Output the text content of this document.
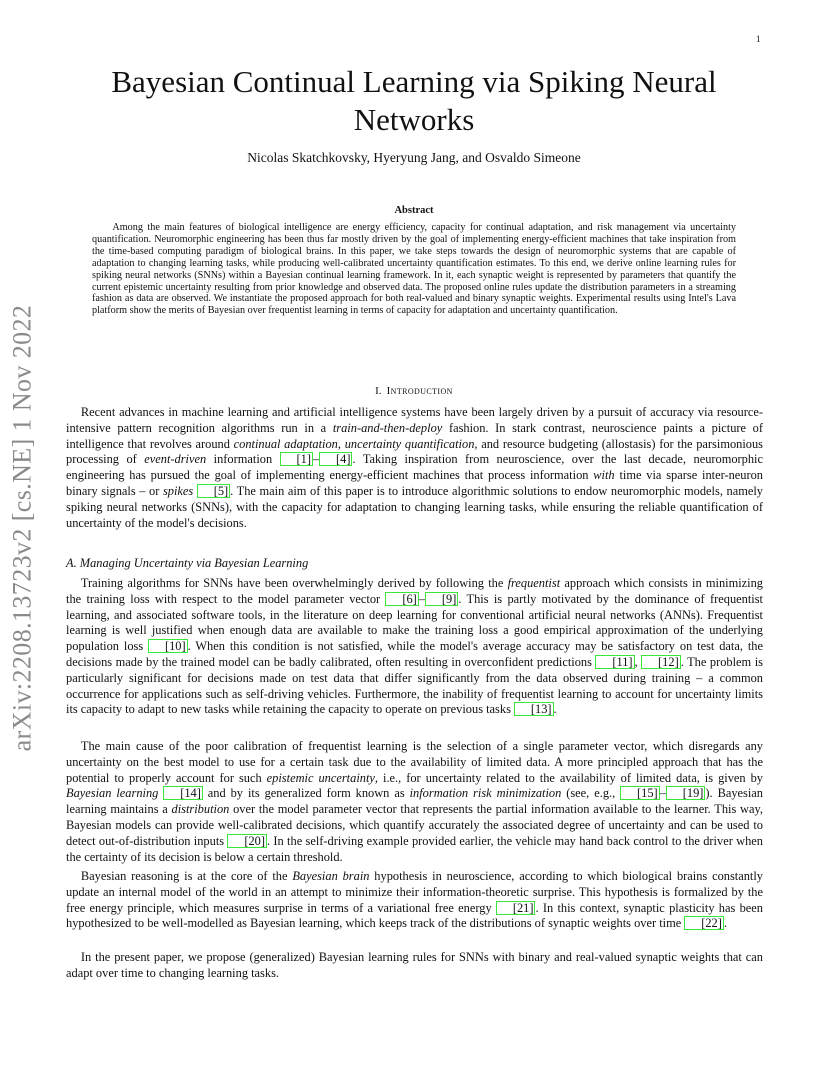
1
arXiv:2208.13723v2 [cs.NE] 1 Nov 2022
Bayesian Continual Learning via Spiking Neural Networks
Nicolas Skatchkovsky, Hyeryung Jang, and Osvaldo Simeone
Abstract

Among the main features of biological intelligence are energy efficiency, capacity for continual adaptation, and risk management via uncertainty quantification. Neuromorphic engineering has been thus far mostly driven by the goal of implementing energy-efficient machines that take inspiration from the time-based computing paradigm of biological brains. In this paper, we take steps towards the design of neuromorphic systems that are capable of adaptation to changing learning tasks, while producing well-calibrated uncertainty quantification estimates. To this end, we derive online learning rules for spiking neural networks (SNNs) within a Bayesian continual learning framework. In it, each synaptic weight is represented by parameters that quantify the current epistemic uncertainty resulting from prior knowledge and observed data. The proposed online rules update the distribution parameters in a streaming fashion as data are observed. We instantiate the proposed approach for both real-valued and binary synaptic weights. Experimental results using Intel's Lava platform show the merits of Bayesian over frequentist learning in terms of capacity for adaptation and uncertainty quantification.

I. Introduction

Recent advances in machine learning and artificial intelligence systems have been largely driven by a pursuit of accuracy via resource-intensive pattern recognition algorithms run in a train-and-then-deploy fashion. In stark contrast, neuroscience paints a picture of intelligence that revolves around continual adaptation, uncertainty quantification, and resource budgeting (allostasis) for the parsimonious processing of event-driven information [1] – [4] . Taking inspiration from neuroscience, over the last decade, neuromorphic engineering has pursued the goal of implementing energy-efficient machines that process information with time via sparse inter-neuron binary signals – or spikes [5] . The main aim of this paper is to introduce algorithmic solutions to endow neuromorphic models, namely spiking neural networks (SNNs), with the capacity for adaptation to changing learning tasks, while ensuring the reliable quantification of uncertainty of the model's decisions.

A. Managing Uncertainty via Bayesian Learning

Training algorithms for SNNs have been overwhelmingly derived by following the frequentist approach which consists in minimizing the training loss with respect to the model parameter vector [6] – [9] . This is partly motivated by the dominance of frequentist learning, and associated software tools, in the literature on deep learning for conventional artificial neural networks (ANNs). Frequentist learning is well justified when enough data are available to make the training loss a good empirical approximation of the underlying population loss [10] . When this condition is not satisfied, while the model's average accuracy may be satisfactory on test data, the decisions made by the trained model can be badly calibrated, often resulting in overconfident predictions [11] , [12] . The problem is particularly significant for decisions made on test data that differ significantly from the data observed during training – a common occurrence for applications such as self-driving vehicles. Furthermore, the inability of frequentist learning to account for uncertainty limits its capacity to adapt to new tasks while retaining the capacity to operate on previous tasks [13] .

The main cause of the poor calibration of frequentist learning is the selection of a single parameter vector, which disregards any uncertainty on the best model to use for a certain task due to the availability of limited data. A more principled approach that has the potential to properly account for such epistemic uncertainty, i.e., for uncertainty related to the availability of limited data, is given by Bayesian learning [14] and by its generalized form known as information risk minimization (see, e.g., [15] – [19] ). Bayesian learning maintains a distribution over the model parameter vector that represents the partial information available to the learner. This way, Bayesian models can provide well-calibrated decisions, which quantify accurately the associated degree of uncertainty and can be used to detect out-of-distribution inputs [20] . In the self-driving example provided earlier, the vehicle may hand back control to the driver when the certainty of its decision is below a certain threshold.

Bayesian reasoning is at the core of the Bayesian brain hypothesis in neuroscience, according to which biological brains constantly update an internal model of the world in an attempt to minimize their information-theoretic surprise. This hypothesis is formalized by the free energy principle, which measures surprise in terms of a variational free energy [21] . In this context, synaptic plasticity has been hypothesized to be well-modelled as Bayesian learning, which keeps track of the distributions of synaptic weights over time [22] .

In the present paper, we propose (generalized) Bayesian learning rules for SNNs with binary and real-valued synaptic weights that can adapt over time to changing learning tasks.
